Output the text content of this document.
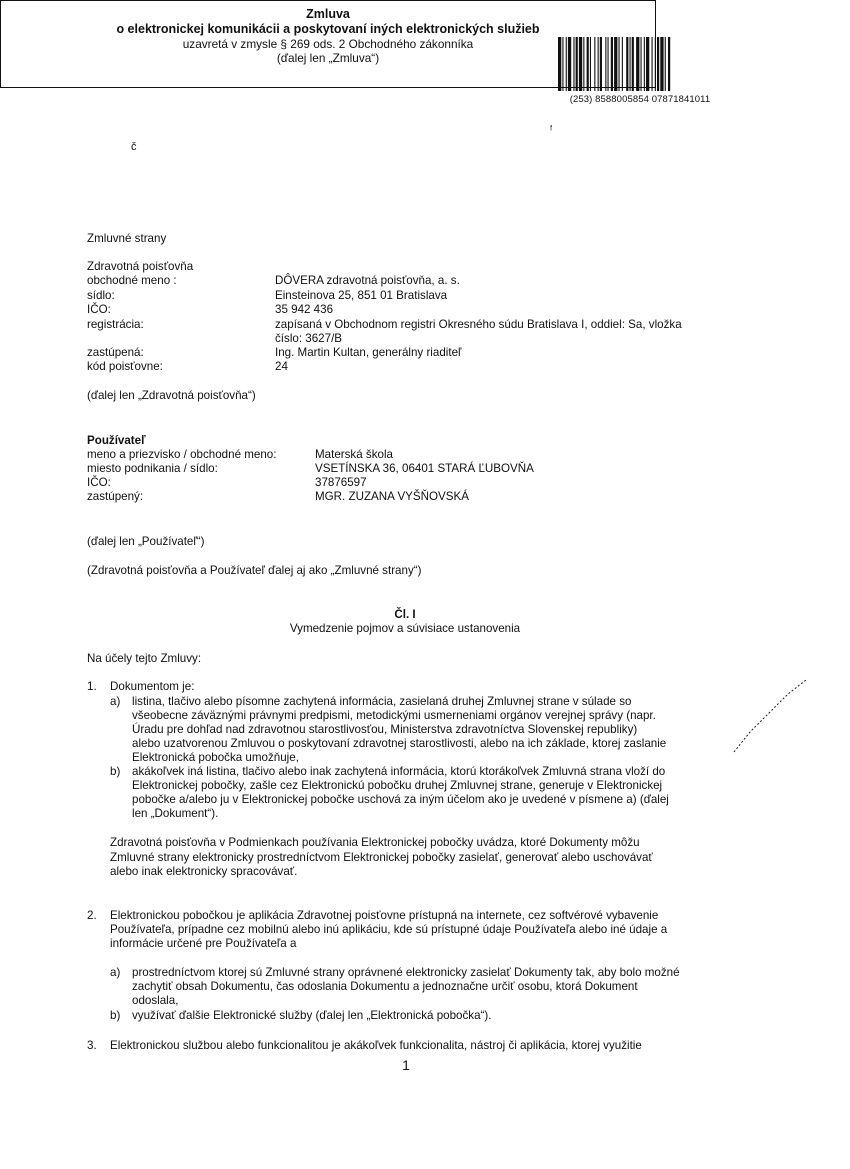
(253) 8588005854 07871841011
Zmluva
o elektronickej komunikácii a poskytovaní iných elektronických služieb
uzavretá v zmysle § 269 ods. 2 Obchodného zákonníka
(ďalej len „Zmluva“)
č
ᶠ
Zmluvné strany
Zdravotná poisťovňa
obchodné meno :	DÔVERA zdravotná poisťovňa, a. s.
sídlo:	Einsteinova 25, 851 01 Bratislava
IČO:	35 942 436
registrácia:	zapísaná v Obchodnom registri Okresného súdu Bratislava I, oddiel: Sa, vložka
číslo: 3627/B
zastúpená:	Ing. Martin Kultan, generálny riaditeľ
kód poisťovne:	24
(ďalej len „Zdravotná poisťovňa“)
Používateľ
meno a priezvisko / obchodné meno:	Materská škola
miesto podnikania / sídlo:	VSETÍNSKA 36, 06401 STARÁ ĽUBOVŇA
IČO:	37876597
zastúpený:	MGR. ZUZANA VYŠŇOVSKÁ
(ďalej len „Používateľ“)
(Zdravotná poisťovňa a Používateľ ďalej aj ako „Zmluvné strany“)
Čl. I
Vymedzenie pojmov a súvisiace ustanovenia
Na účely tejto Zmluvy:
1. Dokumentom je:
a) listina, tlačivo alebo písomne zachytená informácia, zasielaná druhej Zmluvnej strane v súlade so
všeobecne záväznými právnymi predpismi, metodickými usmerneniami orgánov verejnej správy (napr.
Úradu pre dohľad nad zdravotnou starostlivosťou, Ministerstva zdravotníctva Slovenskej republiky)
alebo uzatvorenou Zmluvou o poskytovaní zdravotnej starostlivosti, alebo na ich základe, ktorej zaslanie
Elektronická pobočka umožňuje,
b) akákoľvek iná listina, tlačivo alebo inak zachytená informácia, ktorú ktorákoľvek Zmluvná strana vloží do
Elektronickej pobočky, zašle cez Elektronickú pobočku druhej Zmluvnej strane, generuje v Elektronickej
pobočke a/alebo ju v Elektronickej pobočke uschová za iným účelom ako je uvedené v písmene a) (ďalej
len „Dokument“).
Zdravotná poisťovňa v Podmienkach používania Elektronickej pobočky uvádza, ktoré Dokumenty môžu
Zmluvné strany elektronicky prostredníctvom Elektronickej pobočky zasielať, generovať alebo uschovávať
alebo inak elektronicky spracovávať.
2. Elektronickou pobočkou je aplikácia Zdravotnej poisťovne prístupná na internete, cez softvérové vybavenie
Používateľa, prípadne cez mobilnú alebo inú aplikáciu, kde sú prístupné údaje Používateľa alebo iné údaje a
informácie určené pre Používateľa a
a) prostredníctvom ktorej sú Zmluvné strany oprávnené elektronicky zasielať Dokumenty tak, aby bolo možné
zachytiť obsah Dokumentu, čas odoslania Dokumentu a jednoznačne určiť osobu, ktorá Dokument
odoslala,
b) využívať ďalšie Elektronické služby (ďalej len „Elektronická pobočka“).
3. Elektronickou službou alebo funkcionalitou je akákoľvek funkcionalita, nástroj či aplikácia, ktorej využitie
1
